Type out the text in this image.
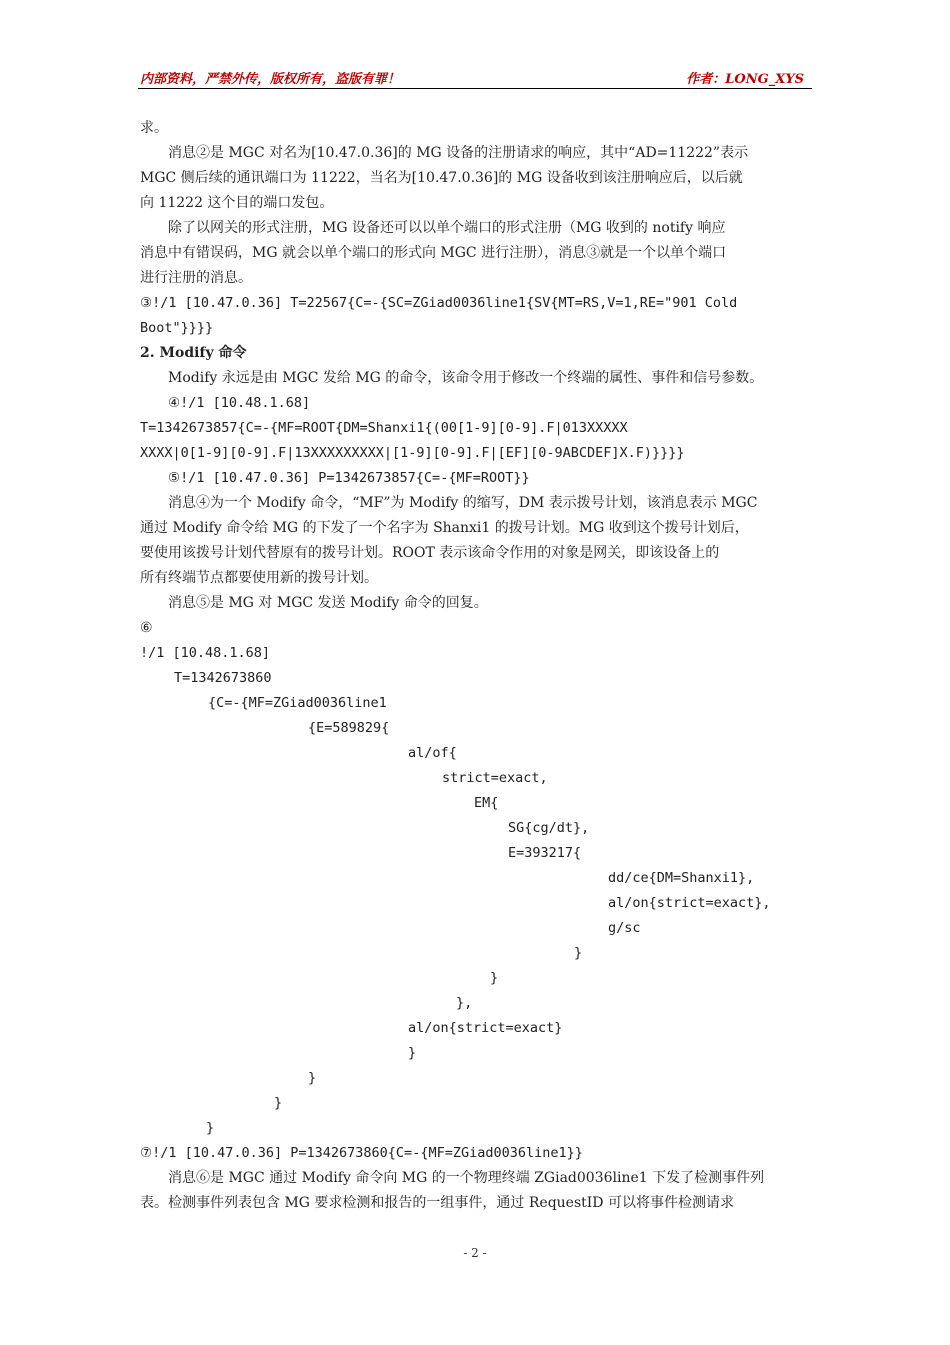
内部资料，严禁外传，版权所有，盗版有罪！	作者：LONG_XYS
求。
消息②是 MGC 对名为[10.47.0.36]的 MG 设备的注册请求的响应，其中“AD=11222”表示
MGC 侧后续的通讯端口为 11222，当名为[10.47.0.36]的 MG 设备收到该注册响应后，以后就
向 11222 这个目的端口发包。
除了以网关的形式注册，MG 设备还可以以单个端口的形式注册（MG 收到的 notify 响应
消息中有错误码，MG 就会以单个端口的形式向 MGC 进行注册），消息③就是一个以单个端口
进行注册的消息。
③!/1 [10.47.0.36] T=22567{C=-{SC=ZGiad0036line1{SV{MT=RS,V=1,RE="901 Cold
Boot"}}}}
2. Modify 命令
Modify 永远是由 MGC 发给 MG 的命令，该命令用于修改一个终端的属性、事件和信号参数。
④!/1 [10.48.1.68]
T=1342673857{C=-{MF=ROOT{DM=Shanxi1{(00[1-9][0-9].F|013XXXXX
XXXX|0[1-9][0-9].F|13XXXXXXXXX|[1-9][0-9].F|[EF][0-9ABCDEF]X.F)}}}}
⑤!/1 [10.47.0.36] P=1342673857{C=-{MF=ROOT}}
消息④为一个 Modify 命令，“MF”为 Modify 的缩写，DM 表示拨号计划，该消息表示 MGC
通过 Modify 命令给 MG 的下发了一个名字为 Shanxi1 的拨号计划。MG 收到这个拨号计划后，
要使用该拨号计划代替原有的拨号计划。ROOT 表示该命令作用的对象是网关，即该设备上的
所有终端节点都要使用新的拨号计划。
消息⑤是 MG 对 MGC 发送 Modify 命令的回复。
⑥
!/1 [10.48.1.68]
T=1342673860
{C=-{MF=ZGiad0036line1
{E=589829{
al/of{
strict=exact,
EM{
SG{cg/dt},
E=393217{
dd/ce{DM=Shanxi1},
al/on{strict=exact},
g/sc
}
}
},
al/on{strict=exact}
}
}
}
}
⑦!/1 [10.47.0.36] P=1342673860{C=-{MF=ZGiad0036line1}}
消息⑥是 MGC 通过 Modify 命令向 MG 的一个物理终端 ZGiad0036line1 下发了检测事件列
表。检测事件列表包含 MG 要求检测和报告的一组事件，通过 RequestID 可以将事件检测请求
- 2 -
